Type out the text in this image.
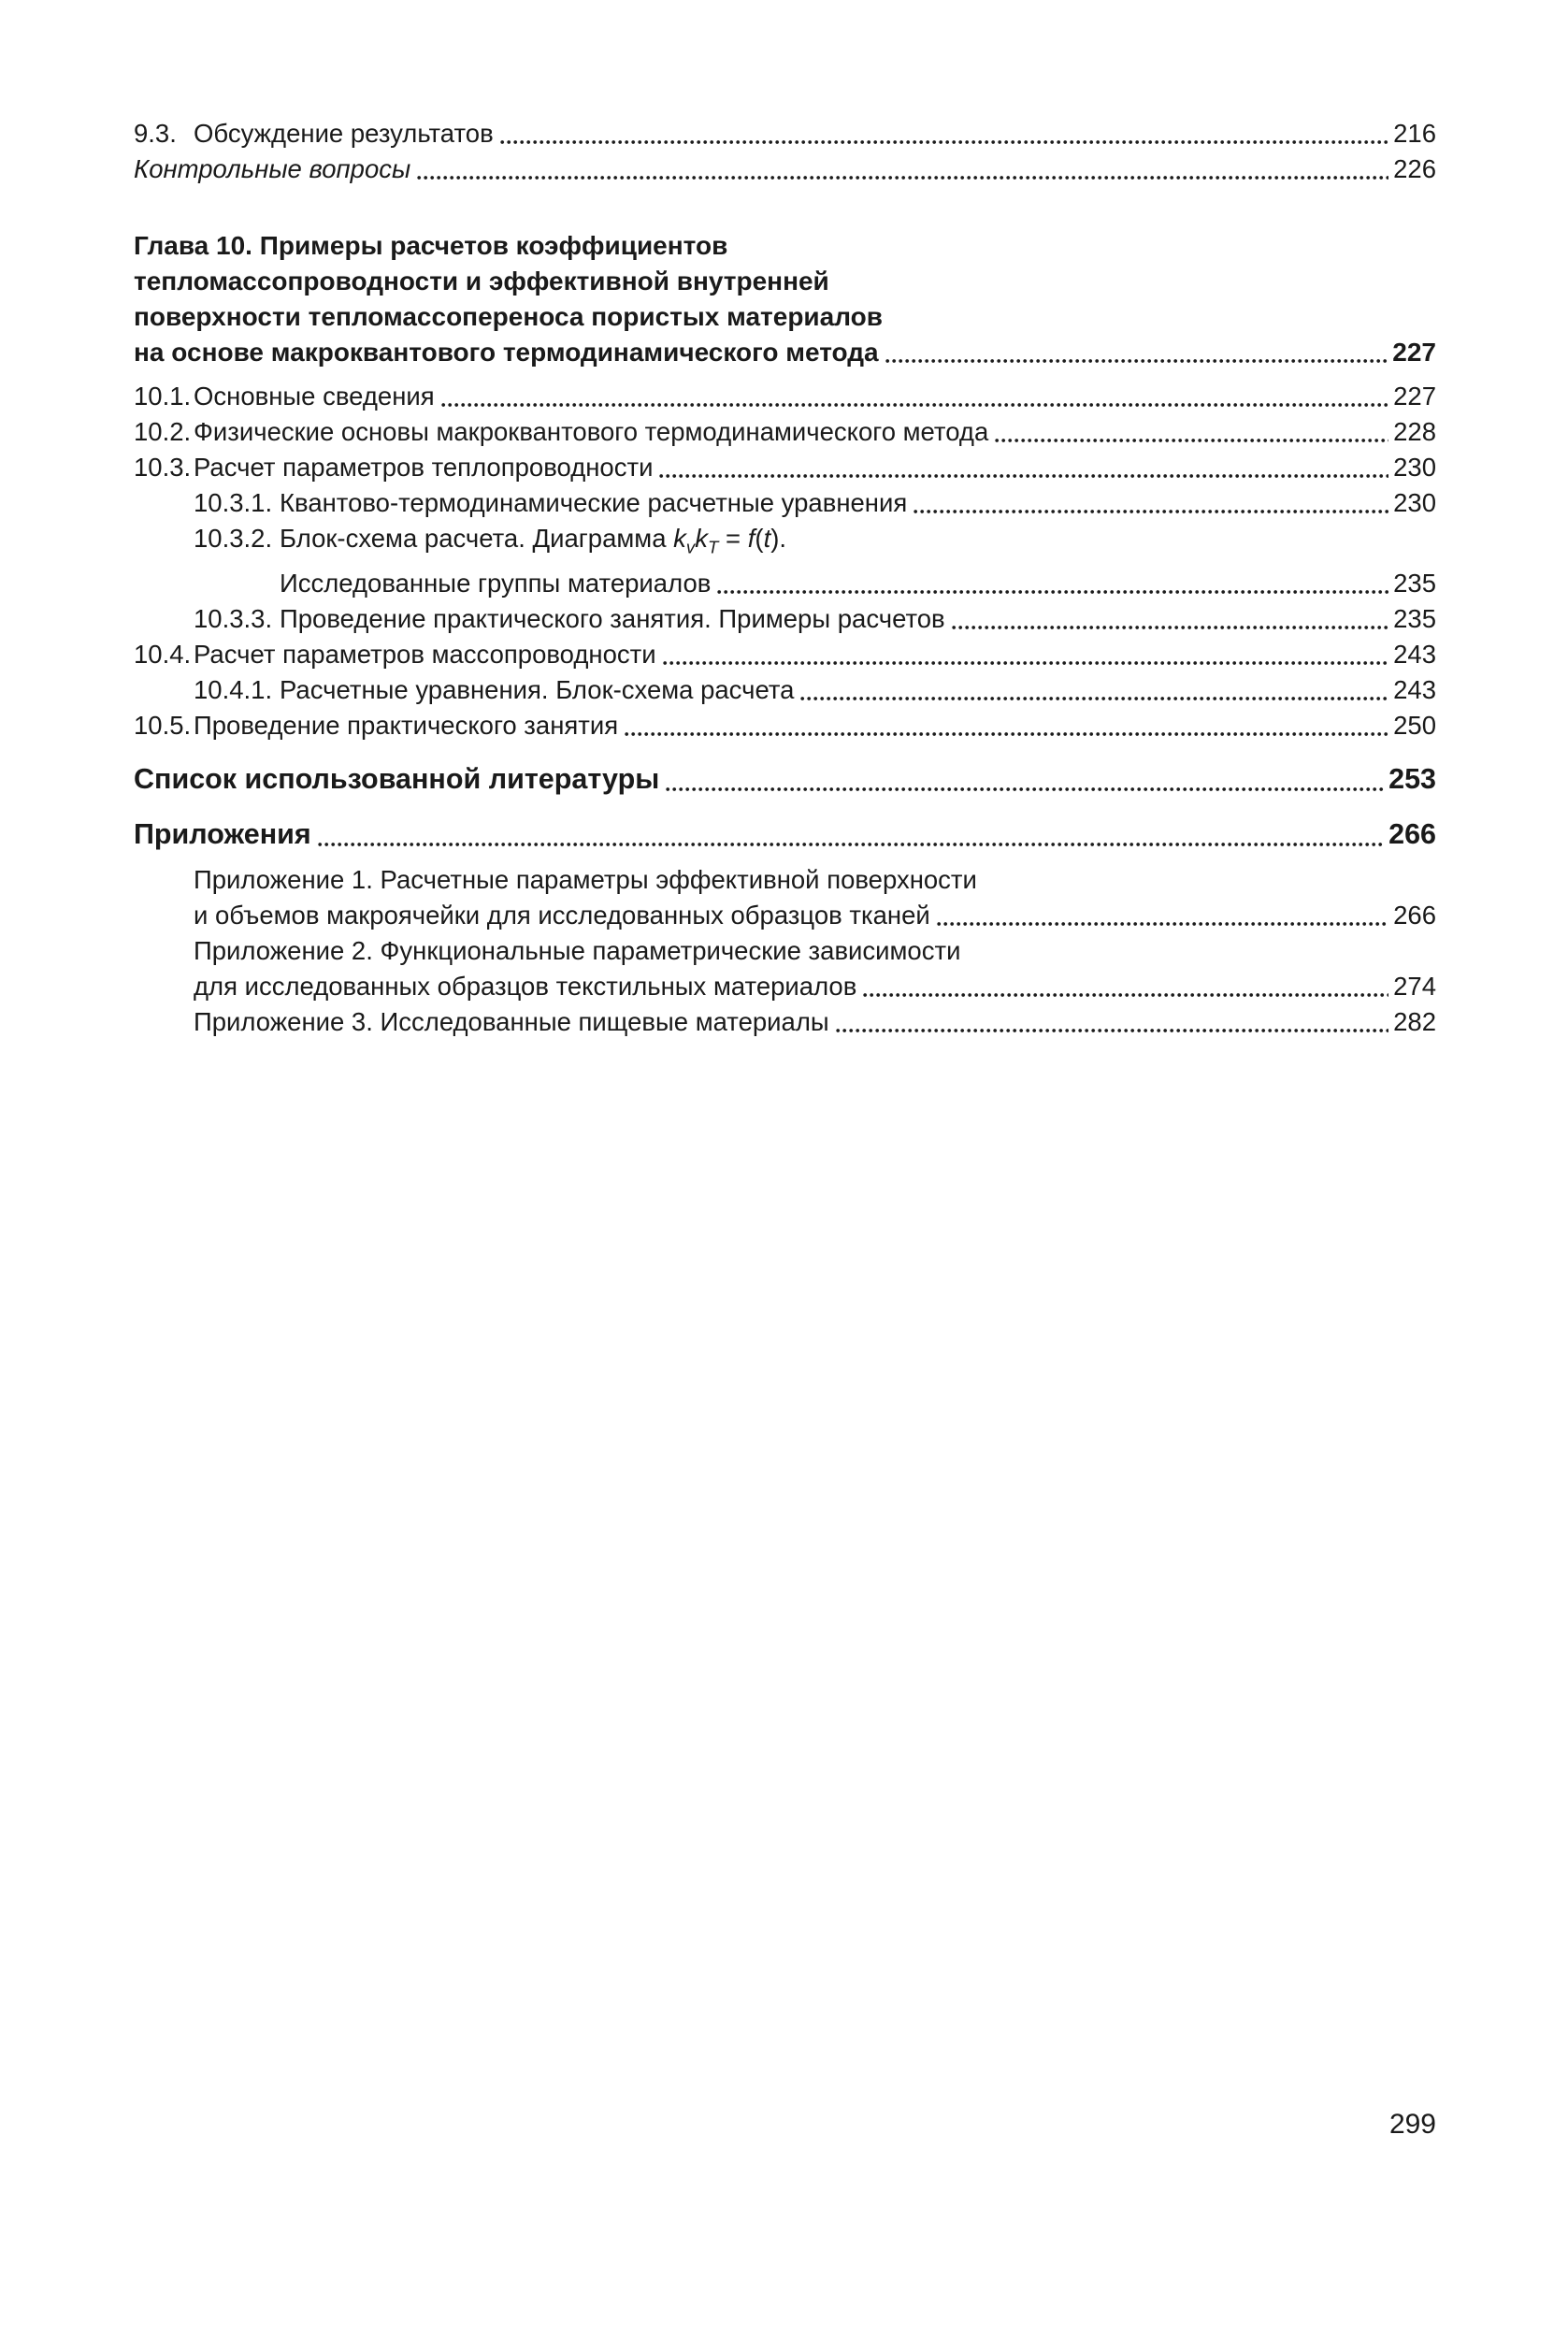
9.3. Обсуждение результатов	216
Контрольные вопросы	226
Глава 10. Примеры расчетов коэффициентов
тепломассопроводности и эффективной внутренней
поверхности тепломассопереноса пористых материалов
на основе макроквантового термодинамического метода	227
10.1. Основные сведения	227
10.2. Физические основы макроквантового термодинамического метода	228
10.3. Расчет параметров теплопроводности	230
10.3.1. Квантово-термодинамические расчетные уравнения	230
10.3.2. Блок-схема расчета. Диаграмма $k_vk_T = f(t)$.
Исследованные группы материалов	235
10.3.3. Проведение практического занятия. Примеры расчетов	235
10.4. Расчет параметров массопроводности	243
10.4.1. Расчетные уравнения. Блок-схема расчета	243
10.5. Проведение практического занятия	250
Список использованной литературы	253
Приложения	266
Приложение 1. Расчетные параметры эффективной поверхности
и объемов макроячейки для исследованных образцов тканей	266
Приложение 2. Функциональные параметрические зависимости
для исследованных образцов текстильных материалов	274
Приложение 3. Исследованные пищевые материалы	282
299
